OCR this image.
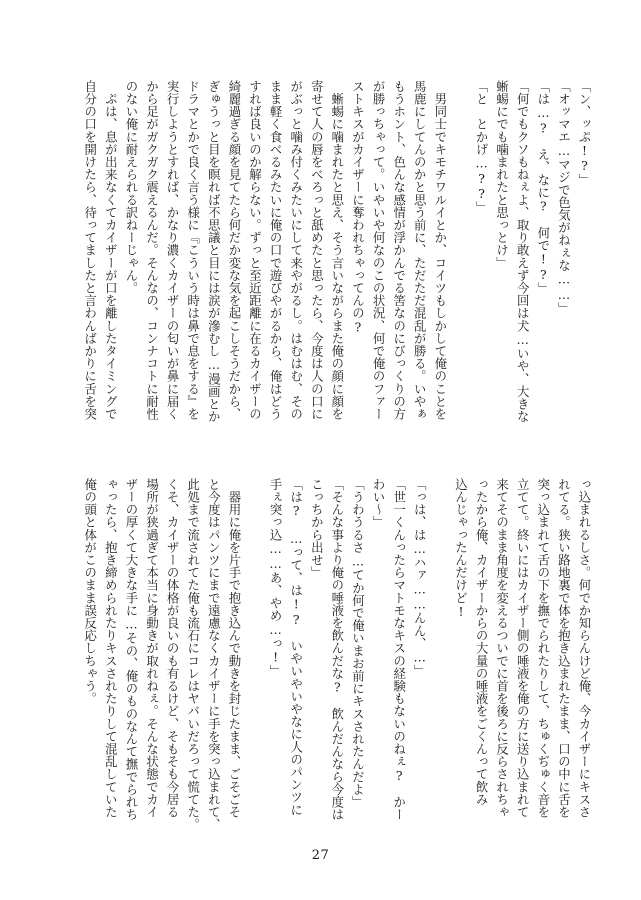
「ン、ッぷ!?」

「オッマエ…マジで色気がねぇな……」

「は…?　え、なに?　何で!?」

「何でもクソもねぇよ、取り敢えず今回は犬…いや、大きな

蜥蜴にでも噛まれたと思っとけ」

「と　とかげ…??」

　男同士でキモチワルイとか、コイツもしかして俺のことを

馬鹿にしてんのかと思う前に、ただただ混乱が勝る。いやぁ

もうホント、色んな感情が浮かんでる筈なのにびっくりの方

が勝っちゃって。いやいや何なのこの状況、何で俺のファー

ストキスがカイザーに奪われちゃってんの?

　蜥蜴に噛まれたと思え、そう言いながらまた俺の顔に顔を

寄せて人の唇をべろっと舐めたと思ったら、今度は人の口に

がぶっと噛み付くみたいにして来やがるし。はむはむ、その

まま軽く食べるみたいに俺の口で遊びやがるから、俺はどう

すれば良いのか解らない。ずっと至近距離に在るカイザーの

綺麗過ぎる顔を見てたら何だか変な気を起こしそうだから、

ぎゅうっと目を瞑れば不思議と目には涙が滲むし…漫画とか

ドラマとかで良く言う様に『こういう時は鼻で息をする』を

実行しようとすれば、かなり濃くカイザーの匂いが鼻に届く

から足がガクガク震えるんだ。そんなの、コンナコトに耐性

のない俺に耐えられる訳ねーじゃん。

　ぷは、息が出来なくてカイザーが口を離したタイミングで

自分の口を開けたら、待ってましたと言わんばかりに舌を突

っ込まれるしさ。何でか知らんけど俺、今カイザーにキスさ

れてる。狭い路地裏で体を抱き込まれたまま、口の中に舌を

突っ込まれて舌の下を撫でられたりして、ちゅくぢゅく音を

立てて。終いにはカイザー側の唾液を俺の方に送り込まれて

来てそのまま角度を変えるついでに首を後ろに反らされちゃ

ったから俺、カイザーからの大量の唾液をごくんって飲み

込んじゃったんだけど!

「っは、は…ハァ……んん、…」

「世一くんったらマトモなキスの経験もないのねぇ?　かー

わい～」

「うわうるさ…てか何で俺いまお前にキスされたんだよ」

「そんな事より俺の唾液を飲んだな?　飲んだんなら今度は

こっちから出せ」

「は?　…って、は!?　いやいやいやなに人のパンツに

手ぇ突っ込……あ、やめ…っ!」

　器用に俺を片手で抱き込んで動きを封じたまま、ごそごそ

と今度はパンツにまで遠慮なくカイザーに手を突っ込まれて、

此処まで流されてた俺も流石にコレはヤバいだろって慌てた。

くそ、カイザーの体格が良いのも有るけど、そもそも今居る

場所が狭過ぎて本当に身動きが取れねぇ。そんな状態でカイ

ザーの厚くて大きな手に…その、俺のものなんて撫でられち

ゃったら、抱き締められたりキスされたりして混乱していた

俺の頭と体がこのまま誤反応しちゃう。

27
